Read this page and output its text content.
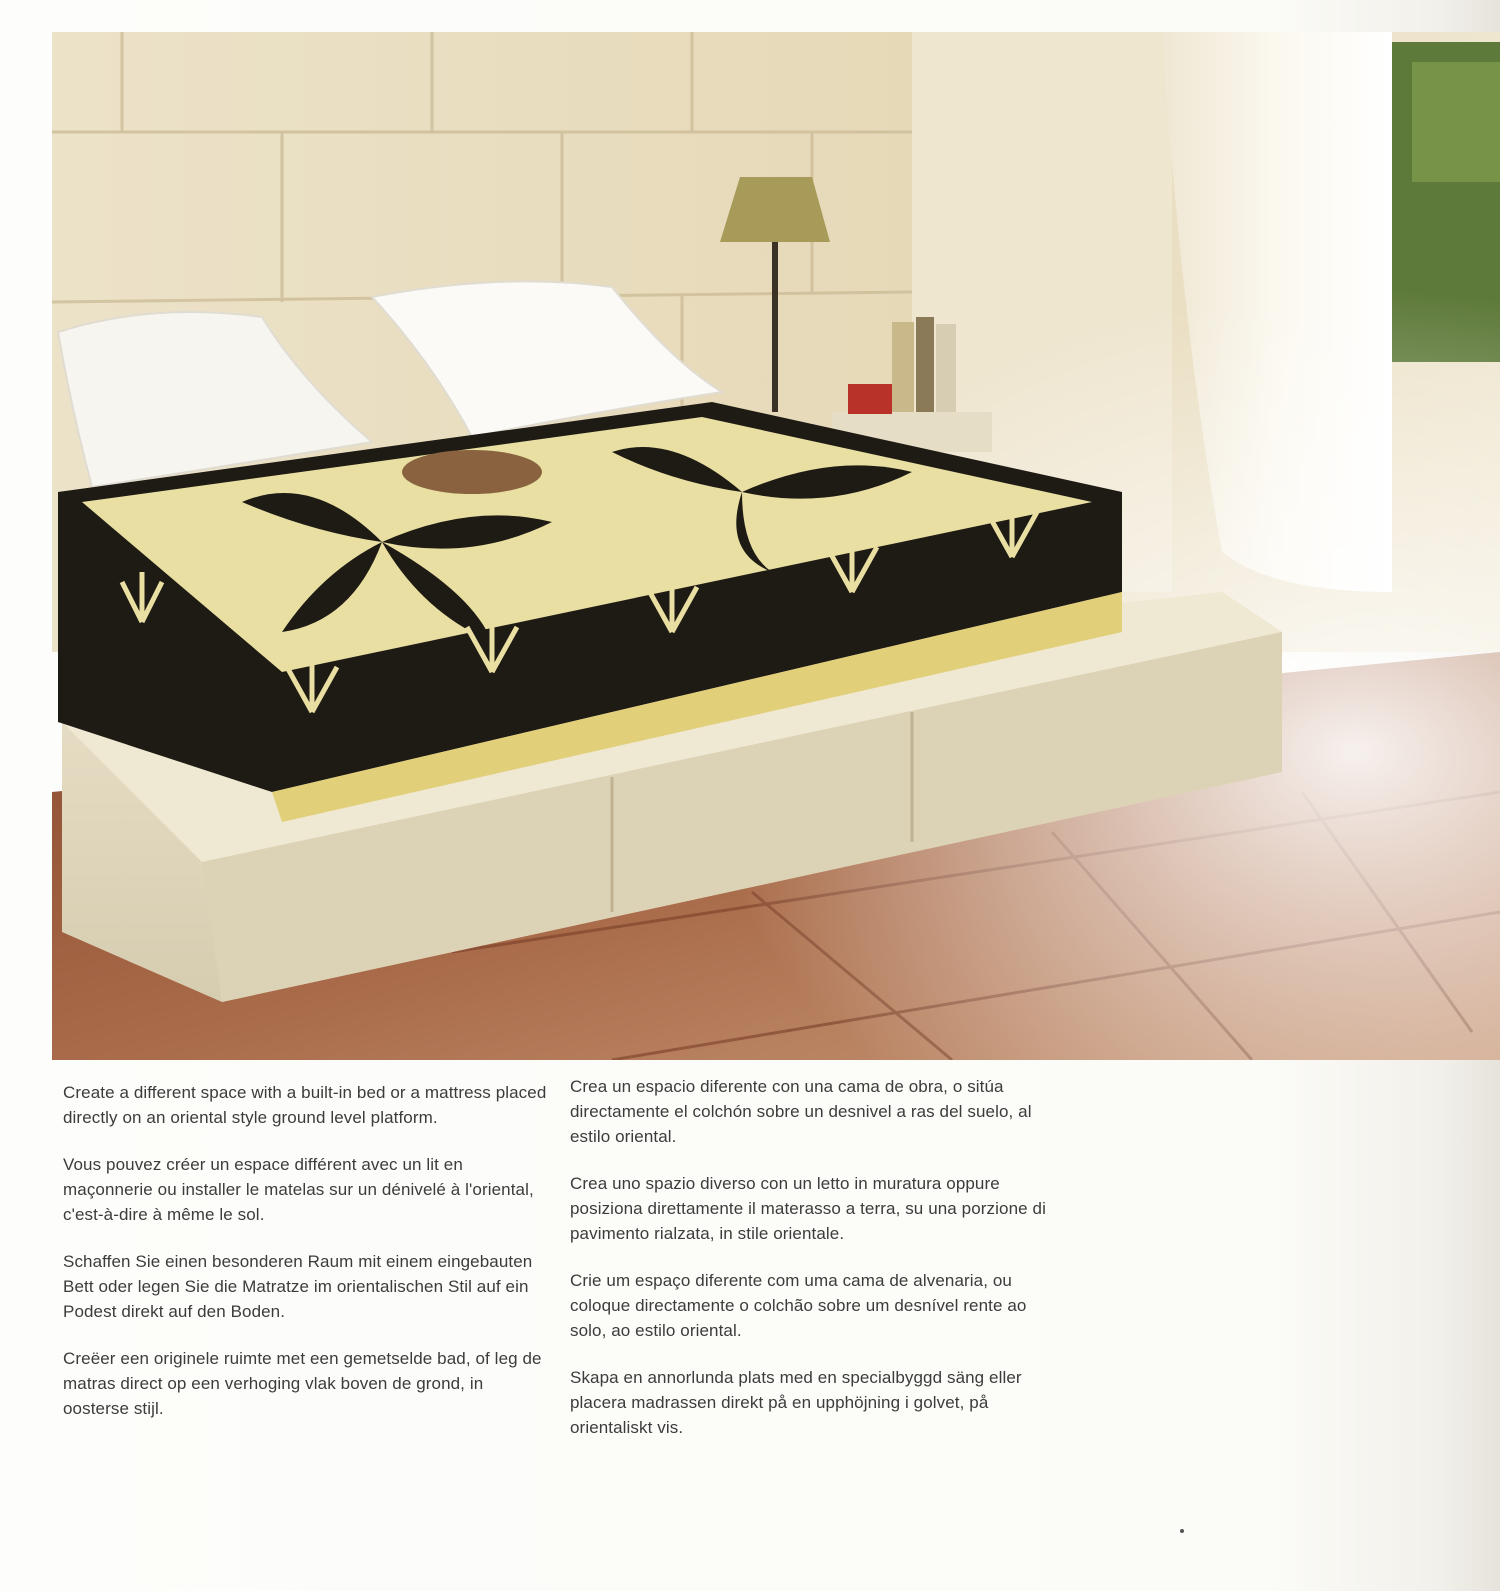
Create a different space with a built-in bed or a mattress placed directly on an oriental style ground level platform.

Vous pouvez créer un espace différent avec un lit en maçonnerie ou installer le matelas sur un dénivelé à l'oriental, c'est-à-dire à même le sol.

Schaffen Sie einen besonderen Raum mit einem eingebauten Bett oder legen Sie die Matratze im orientalischen Stil auf ein Podest direkt auf den Boden.

Creëer een originele ruimte met een gemetselde bad, of leg de matras direct op een verhoging vlak boven de grond, in oosterse stijl.

Crea un espacio diferente con una cama de obra, o sitúa directamente el colchón sobre un desnivel a ras del suelo, al estilo oriental.

Crea uno spazio diverso con un letto in muratura oppure posiziona direttamente il materasso a terra, su una porzione di pavimento rialzata, in stile orientale.

Crie um espaço diferente com uma cama de alvenaria, ou coloque directamente o colchão sobre um desnível rente ao solo, ao estilo oriental.

Skapa en annorlunda plats med en specialbyggd säng eller placera madrassen direkt på en upphöjning i golvet, på orientaliskt vis.
